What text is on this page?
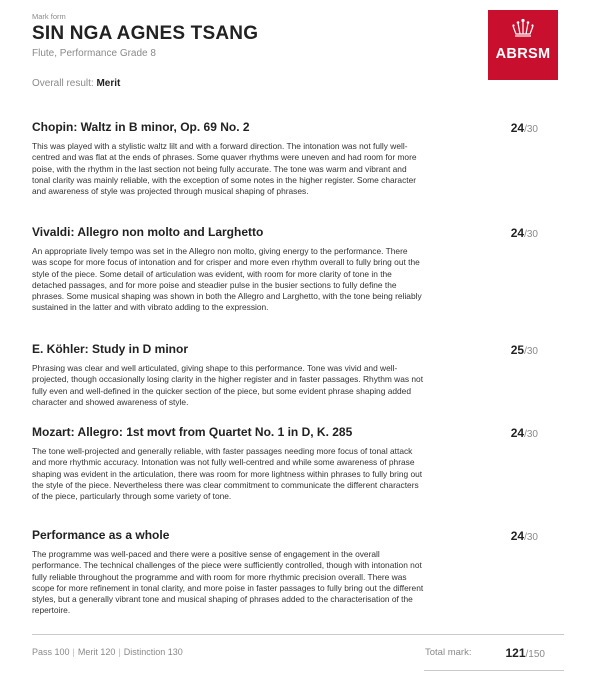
Mark form
SIN NGA AGNES TSANG
Flute, Performance Grade 8
Overall result: Merit
ABRSM
Chopin: Waltz in B minor, Op. 69 No. 2	24/30
This was played with a stylistic waltz lilt and with a forward direction. The intonation was not fully well-centred and was flat at the ends of phrases. Some quaver rhythms were uneven and had room for more poise, with the rhythm in the last section not being fully accurate. The tone was warm and vibrant and tonal clarity was mainly reliable, with the exception of some notes in the higher register. Some character and awareness of style was projected through musical shaping of phrases.
Vivaldi: Allegro non molto and Larghetto	24/30
An appropriate lively tempo was set in the Allegro non molto, giving energy to the performance. There was scope for more focus of intonation and for crisper and more even rhythm overall to fully bring out the style of the piece. Some detail of articulation was evident, with room for more clarity of tone in the detached passages, and for more poise and steadier pulse in the busier sections to fully define the phrases. Some musical shaping was shown in both the Allegro and Larghetto, with the tone being reliably sustained in the latter and with vibrato adding to the expression.
E. Köhler: Study in D minor	25/30
Phrasing was clear and well articulated, giving shape to this performance. Tone was vivid and well-projected, though occasionally losing clarity in the higher register and in faster passages. Rhythm was not fully even and well-defined in the quicker section of the piece, but some evident phrase shaping added character and showed awareness of style.
Mozart: Allegro: 1st movt from Quartet No. 1 in D, K. 285	24/30
The tone well-projected and generally reliable, with faster passages needing more focus of tonal attack and more rhythmic accuracy. Intonation was not fully well-centred and while some awareness of phrase shaping was evident in the articulation, there was room for more lightness within phrases to fully bring out the style of the piece. Nevertheless there was clear commitment to communicate the different characters of the piece, particularly through some variety of tone.
Performance as a whole	24/30
The programme was well-paced and there were a positive sense of engagement in the overall performance. The technical challenges of the piece were sufficiently controlled, though with intonation not fully reliable throughout the programme and with room for more rhythmic precision overall. There was scope for more refinement in tonal clarity, and more poise in faster passages to fully bring out the different styles, but a generally vibrant tone and musical shaping of phrases added to the characterisation of the repertoire.
Pass 100 | Merit 120 | Distinction 130	Total mark:	121/150
